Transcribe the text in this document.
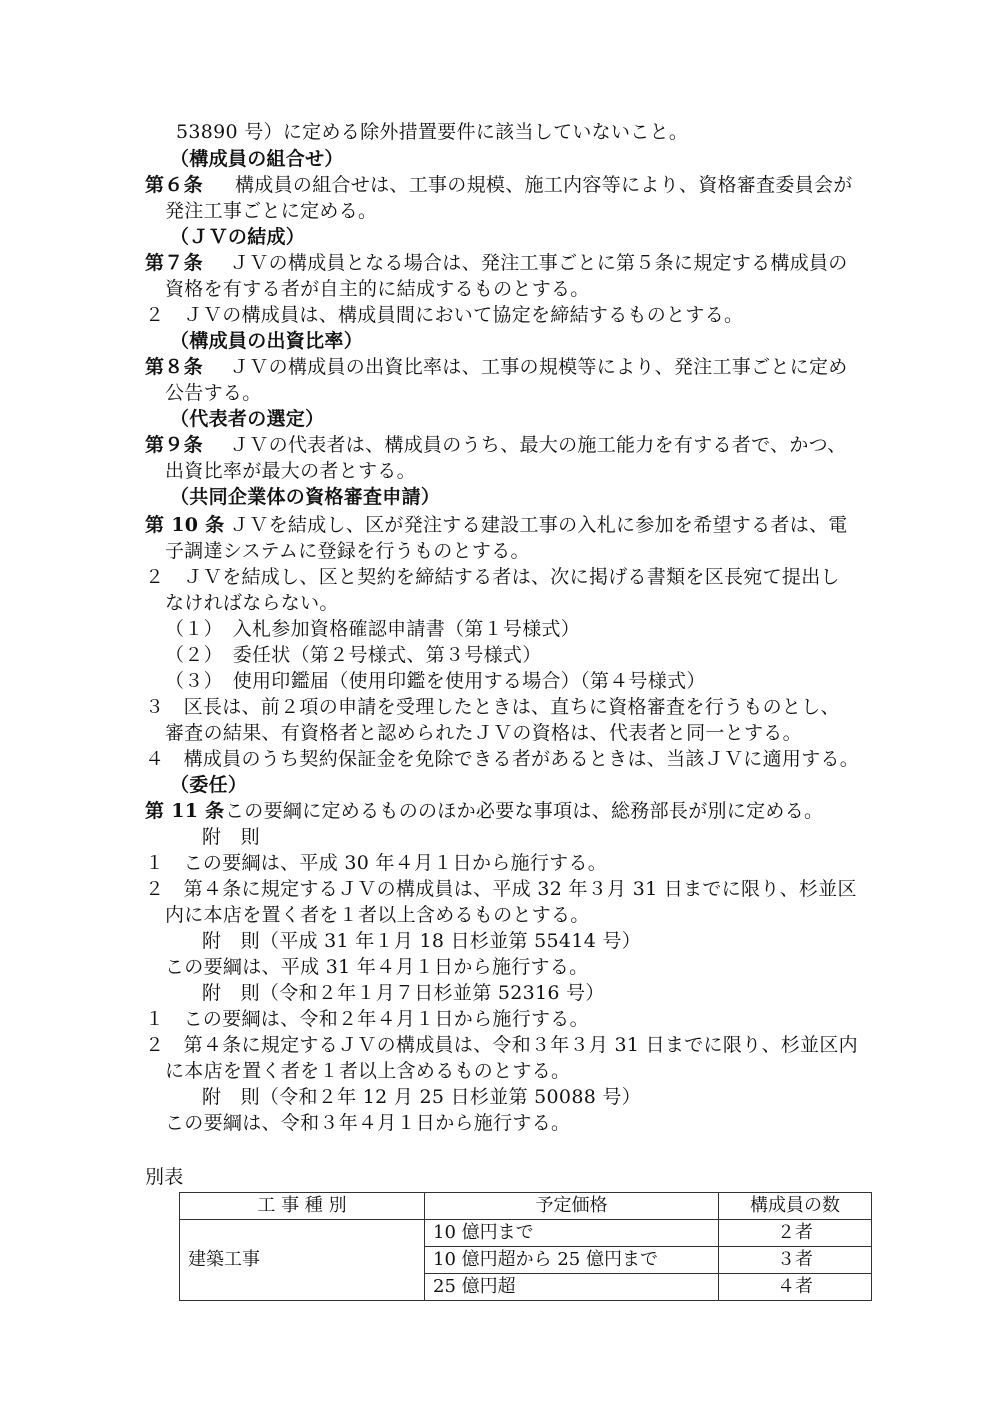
53890 号）に定める除外措置要件に該当していないこと。
（構成員の組合せ）
第６条 構成員の組合せは、工事の規模、施工内容等により、資格審査委員会が
発注工事ごとに定める。
（ＪＶの結成）
第７条 ＪＶの構成員となる場合は、発注工事ごとに第５条に規定する構成員の
資格を有する者が自主的に結成するものとする。
２　ＪＶの構成員は、構成員間において協定を締結するものとする。
（構成員の出資比率）
第８条 ＪＶの構成員の出資比率は、工事の規模等により、発注工事ごとに定め
公告する。
（代表者の選定）
第９条 ＪＶの代表者は、構成員のうち、最大の施工能力を有する者で、かつ、
出資比率が最大の者とする。
（共同企業体の資格審査申請）
第 10 条 ＪＶを結成し、区が発注する建設工事の入札に参加を希望する者は、電
子調達システムに登録を行うものとする。
２　ＪＶを結成し、区と契約を締結する者は、次に掲げる書類を区長宛て提出し
なければならない。
（１）　入札参加資格確認申請書（第１号様式）
（２）　委任状（第２号様式、第３号様式）
（３）　使用印鑑届（使用印鑑を使用する場合）（第４号様式）
３　区長は、前２項の申請を受理したときは、直ちに資格審査を行うものとし、
審査の結果、有資格者と認められたＪＶの資格は、代表者と同一とする。
４　構成員のうち契約保証金を免除できる者があるときは、当該ＪＶに適用する。
（委任）
第 11 条 この要綱に定めるもののほか必要な事項は、総務部長が別に定める。
附　則
１　この要綱は、平成 30 年４月１日から施行する。
２　第４条に規定するＪＶの構成員は、平成 32 年３月 31 日までに限り、杉並区
内に本店を置く者を１者以上含めるものとする。
附　則（平成 31 年１月 18 日杉並第 55414 号）
この要綱は、平成 31 年４月１日から施行する。
附　則（令和２年１月７日杉並第 52316 号）
１　この要綱は、令和２年４月１日から施行する。
２　第４条に規定するＪＶの構成員は、令和３年３月 31 日までに限り、杉並区内
に本店を置く者を１者以上含めるものとする。
附　則（令和２年 12 月 25 日杉並第 50088 号）
この要綱は、令和３年４月１日から施行する。
別表
工 事 種 別	予定価格	構成員の数
建築工事	10 億円まで	２者
	10 億円超から 25 億円まで	３者
	25 億円超	４者
